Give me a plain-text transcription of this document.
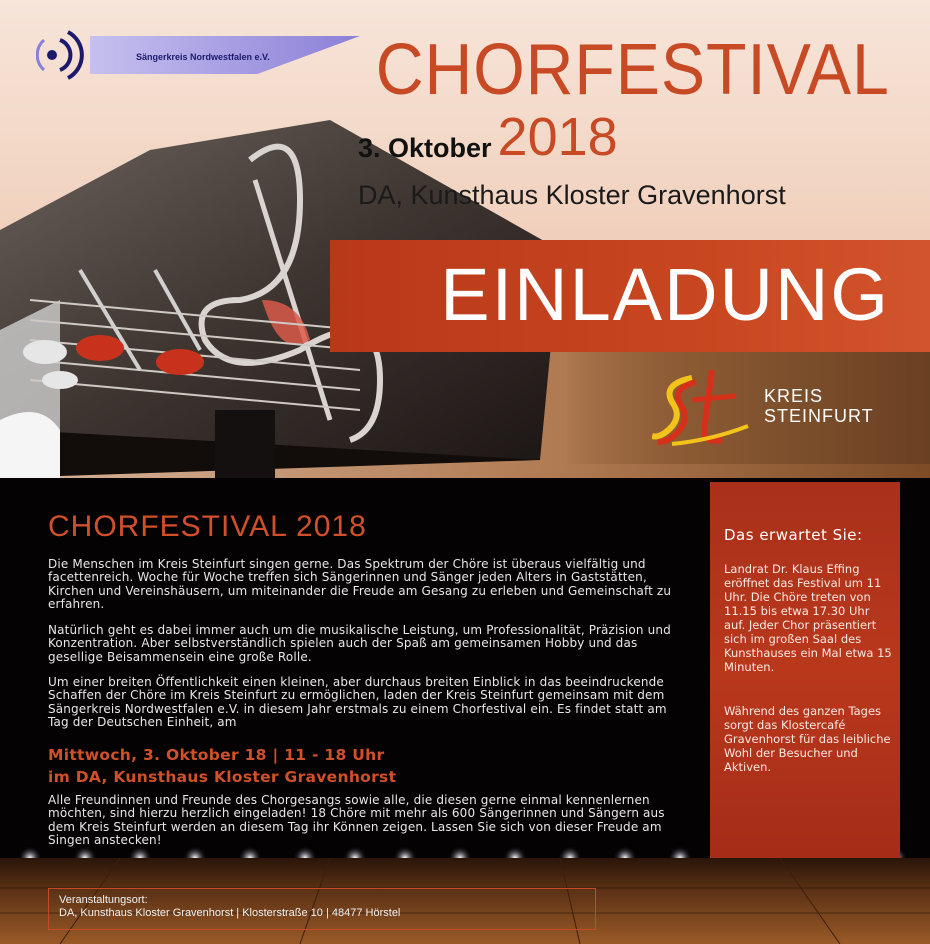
Sängerkreis Nordwestfalen e.V. CHORFESTIVAL
3. Oktober 2018
DA, Kunsthaus Kloster Gravenhorst
EINLADUNG
KREIS
STEINFURT
CHORFESTIVAL 2018

Die Menschen im Kreis Steinfurt singen gerne. Das Spektrum der Chöre ist überaus vielfältig und facettenreich. Woche für Woche treffen sich Sängerinnen und Sänger jeden Alters in Gaststätten, Kirchen und Vereinshäusern, um miteinander die Freude am Gesang zu erleben und Gemeinschaft zu erfahren.

Natürlich geht es dabei immer auch um die musikalische Leistung, um Professionalität, Präzision und Konzentration. Aber selbstverständlich spielen auch der Spaß am gemeinsamen Hobby und das gesellige Beisammensein eine große Rolle.

Um einer breiten Öffentlichkeit einen kleinen, aber durchaus breiten Einblick in das beeindruckende Schaffen der Chöre im Kreis Steinfurt zu ermöglichen, laden der Kreis Steinfurt gemeinsam mit dem Sängerkreis Nordwestfalen e.V. in diesem Jahr erstmals zu einem Chorfestival ein. Es findet statt am Tag der Deutschen Einheit, am

Mittwoch, 3. Oktober 18 | 11 - 18 Uhr
im DA, Kunsthaus Kloster Gravenhorst

Alle Freundinnen und Freunde des Chorgesangs sowie alle, die diesen gerne einmal kennenlernen möchten, sind hierzu herzlich eingeladen! 18 Chöre mit mehr als 600 Sängerinnen und Sängern aus dem Kreis Steinfurt werden an diesem Tag ihr Können zeigen. Lassen Sie sich von dieser Freude am Singen anstecken!

Das erwartet Sie:

Landrat Dr. Klaus Effing eröffnet das Festival um 11 Uhr. Die Chöre treten von 11.15 bis etwa 17.30 Uhr auf. Jeder Chor präsentiert sich im großen Saal des Kunsthauses ein Mal etwa 15 Minuten.

Während des ganzen Tages sorgt das Klostercafé Gravenhorst für das leibliche Wohl der Besucher und Aktiven.

Veranstaltungsort:
DA, Kunsthaus Kloster Gravenhorst | Klosterstraße 10 | 48477 Hörstel
